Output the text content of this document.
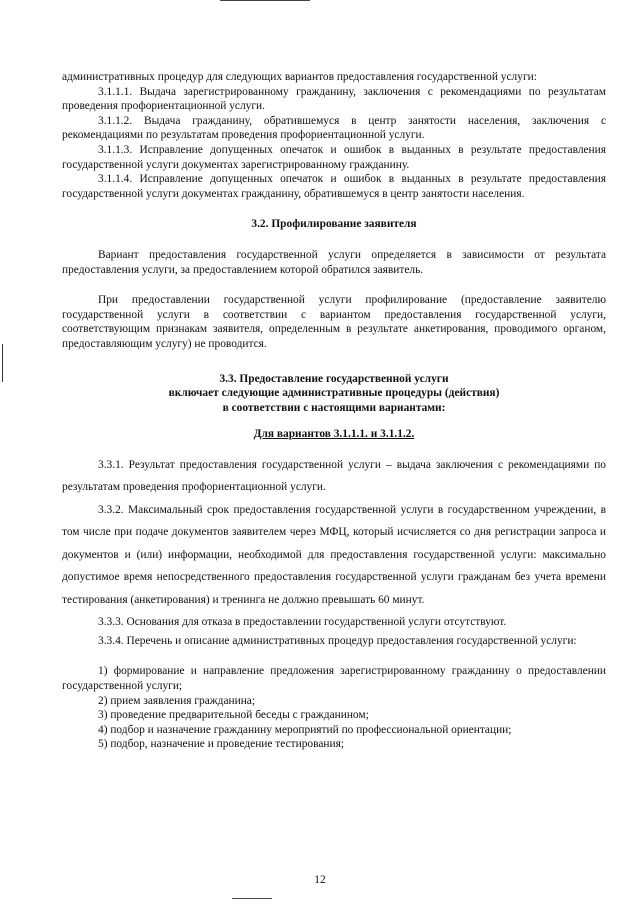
административных процедур для следующих вариантов предоставления государственной услуги:

3.1.1.1. Выдача зарегистрированному гражданину, заключения с рекомендациями по результатам проведения профориентационной услуги.

3.1.1.2. Выдача гражданину, обратившемуся в центр занятости населения, заключения с рекомендациями по результатам проведения профориентационной услуги.

3.1.1.3. Исправление допущенных опечаток и ошибок в выданных в результате предоставления государственной услуги документах зарегистрированному гражданину.

3.1.1.4. Исправление допущенных опечаток и ошибок в выданных в результате предоставления государственной услуги документах гражданину, обратившемуся в центр занятости населения.

3.2. Профилирование заявителя

Вариант предоставления государственной услуги определяется в зависимости от результата предоставления услуги, за предоставлением которой обратился заявитель.

При предоставлении государственной услуги профилирование (предоставление заявителю государственной услуги в соответствии с вариантом предоставления государственной услуги, соответствующим признакам заявителя, определенным в результате анкетирования, проводимого органом, предоставляющим услугу) не проводится.

3.3. Предоставление государственной услуги

включает следующие административные процедуры (действия)

в соответствии с настоящими вариантами:

Для вариантов 3.1.1.1. и 3.1.1.2.

3.3.1. Результат предоставления государственной услуги – выдача заключения с рекомендациями по результатам проведения профориентационной услуги.

3.3.2. Максимальный срок предоставления государственной услуги в государственном учреждении, в том числе при подаче документов заявителем через МФЦ, который исчисляется со дня регистрации запроса и документов и (или) информации, необходимой для предоставления государственной услуги: максимально допустимое время непосредственного предоставления государственной услуги гражданам без учета времени тестирования (анкетирования) и тренинга не должно превышать 60 минут.

3.3.3. Основания для отказа в предоставлении государственной услуги отсутствуют.

3.3.4. Перечень и описание административных процедур предоставления государственной услуги:

1) формирование и направление предложения зарегистрированному гражданину о предоставлении государственной услуги;

2) прием заявления гражданина;

3) проведение предварительной беседы с гражданином;

4) подбор и назначение гражданину мероприятий по профессиональной ориентации;

5) подбор, назначение и проведение тестирования;

12
